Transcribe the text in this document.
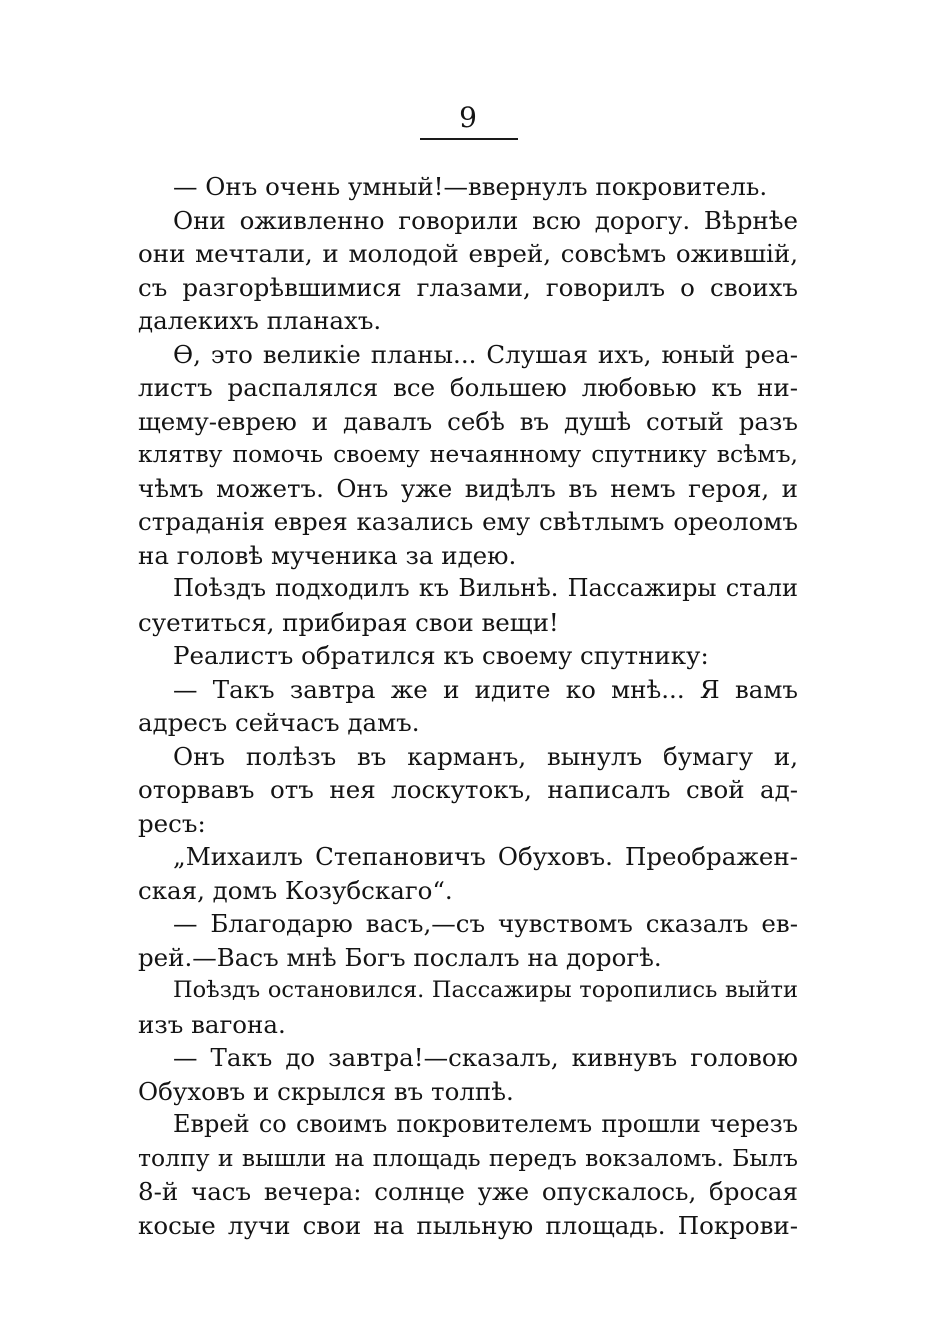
9
— Онъ очень умный!—ввернулъ покровитель.
Они оживленно говорили всю дорогу. Вѣрнѣе
они мечтали, и молодой еврей, совсѣмъ ожившій,
съ разгорѣвшимися глазами, говорилъ о своихъ
далекихъ планахъ.
Ѳ, это великіе планы... Слушая ихъ, юный реа-
листъ распалялся все большею любовью къ ни-
щему-еврею и давалъ себѣ въ душѣ сотый разъ
клятву помочь своему нечаянному спутнику всѣмъ,
чѣмъ можетъ. Онъ уже видѣлъ въ немъ героя, и
страданія еврея казались ему свѣтлымъ ореоломъ
на головѣ мученика за идею.
Поѣздъ подходилъ къ Вильнѣ. Пассажиры стали
суетиться, прибирая свои вещи!
Реалистъ обратился къ своему спутнику:
— Такъ завтра же и идите ко мнѣ... Я вамъ
адресъ сейчасъ дамъ.
Онъ полѣзъ въ карманъ, вынулъ бумагу и,
оторвавъ отъ нея лоскутокъ, написалъ свой ад-
ресъ:
„Михаилъ Степановичъ Обуховъ. Преображен-
ская, домъ Козубскаго“.
— Благодарю васъ,—съ чувствомъ сказалъ ев-
рей.—Васъ мнѣ Богъ послалъ на дорогѣ.
Поѣздъ остановился. Пассажиры торопились выйти
изъ вагона.
— Такъ до завтра!—сказалъ, кивнувъ головою
Обуховъ и скрылся въ толпѣ.
Еврей со своимъ покровителемъ прошли черезъ
толпу и вышли на площадь передъ вокзаломъ. Былъ
8-й часъ вечера: солнце уже опускалось, бросая
косые лучи свои на пыльную площадь. Покрови-
